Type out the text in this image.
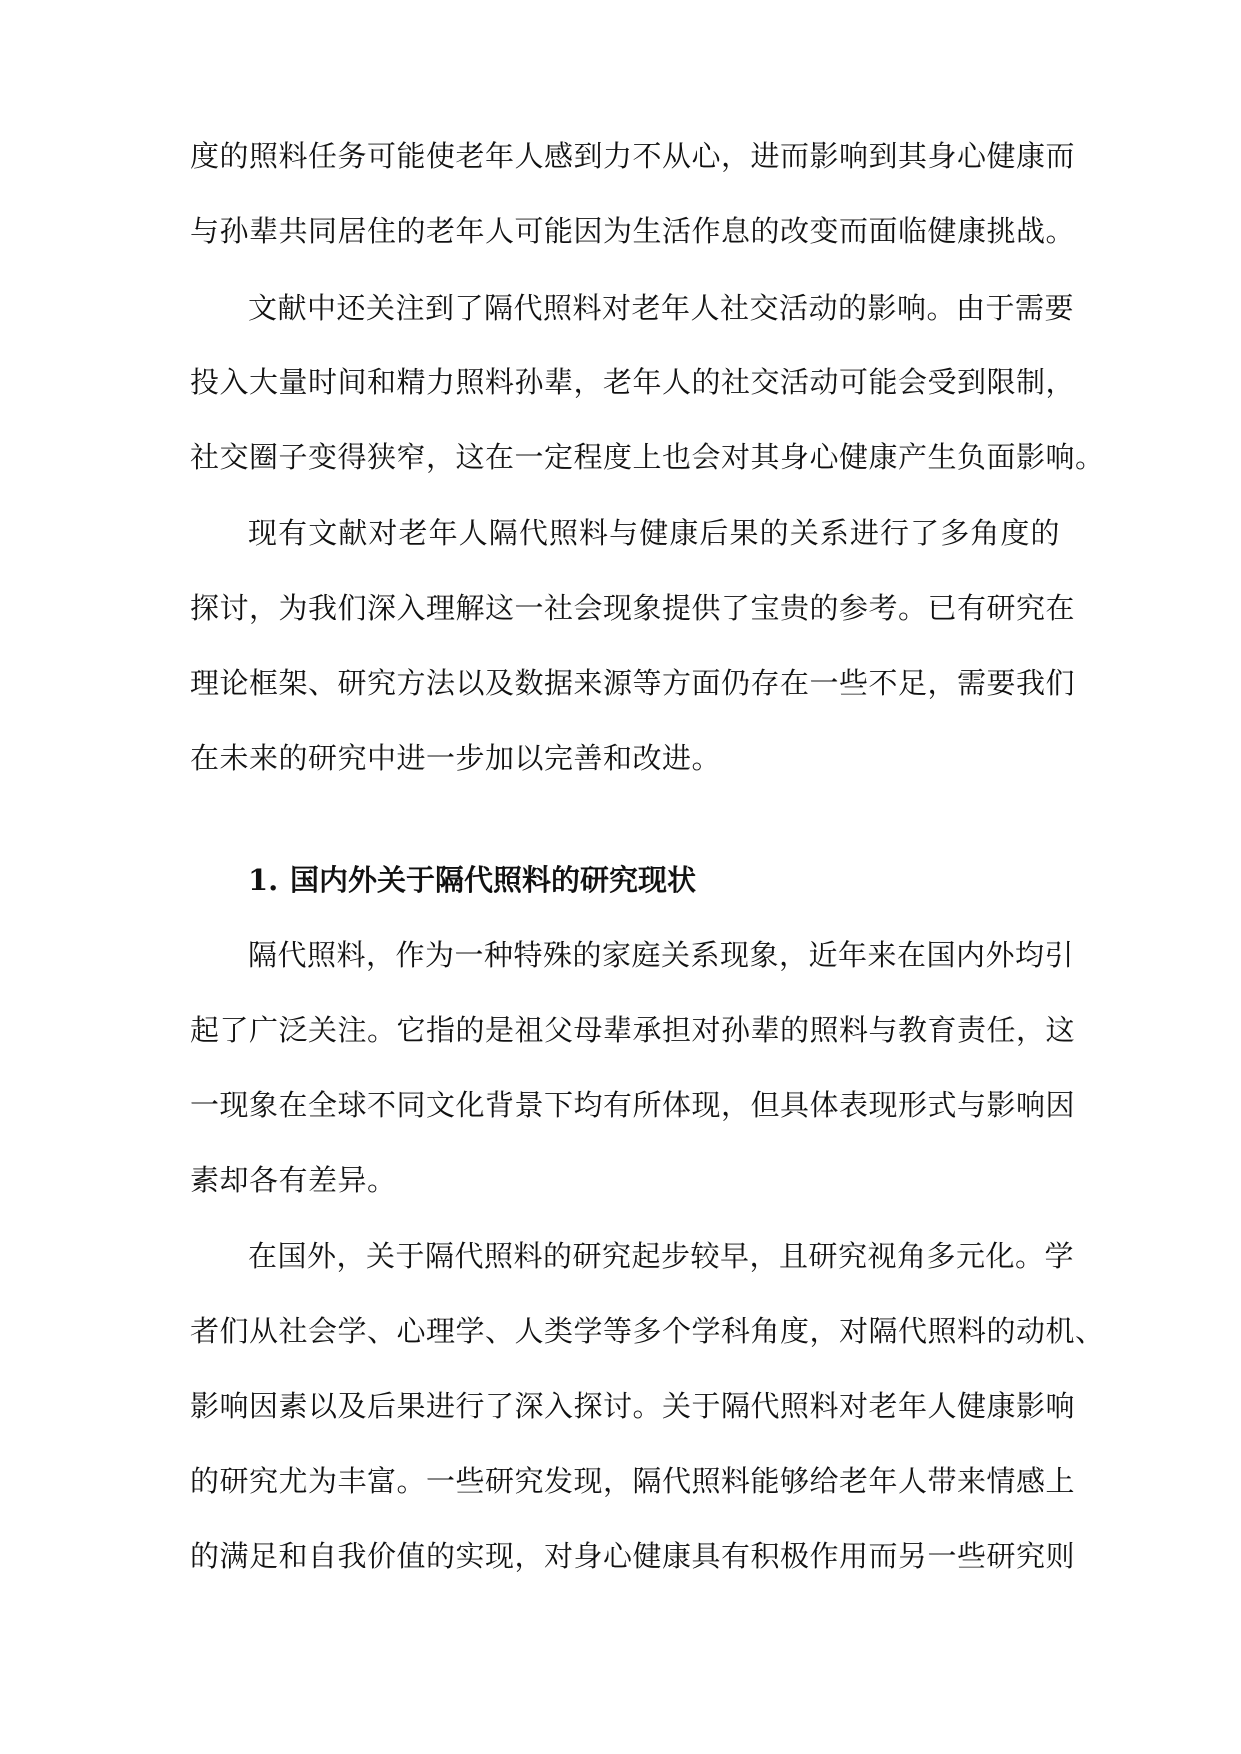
度的照料任务可能使老年人感到力不从心，进而影响到其身心健康而
与孙辈共同居住的老年人可能因为生活作息的改变而面临健康挑战。
文献中还关注到了隔代照料对老年人社交活动的影响。由于需要
投入大量时间和精力照料孙辈，老年人的社交活动可能会受到限制，
社交圈子变得狭窄，这在一定程度上也会对其身心健康产生负面影响。
现有文献对老年人隔代照料与健康后果的关系进行了多角度的
探讨，为我们深入理解这一社会现象提供了宝贵的参考。已有研究在
理论框架、研究方法以及数据来源等方面仍存在一些不足，需要我们
在未来的研究中进一步加以完善和改进。
1. 国内外关于隔代照料的研究现状
隔代照料，作为一种特殊的家庭关系现象，近年来在国内外均引
起了广泛关注。它指的是祖父母辈承担对孙辈的照料与教育责任，这
一现象在全球不同文化背景下均有所体现，但具体表现形式与影响因
素却各有差异。
在国外，关于隔代照料的研究起步较早，且研究视角多元化。学
者们从社会学、心理学、人类学等多个学科角度，对隔代照料的动机、
影响因素以及后果进行了深入探讨。关于隔代照料对老年人健康影响
的研究尤为丰富。一些研究发现，隔代照料能够给老年人带来情感上
的满足和自我价值的实现，对身心健康具有积极作用而另一些研究则
